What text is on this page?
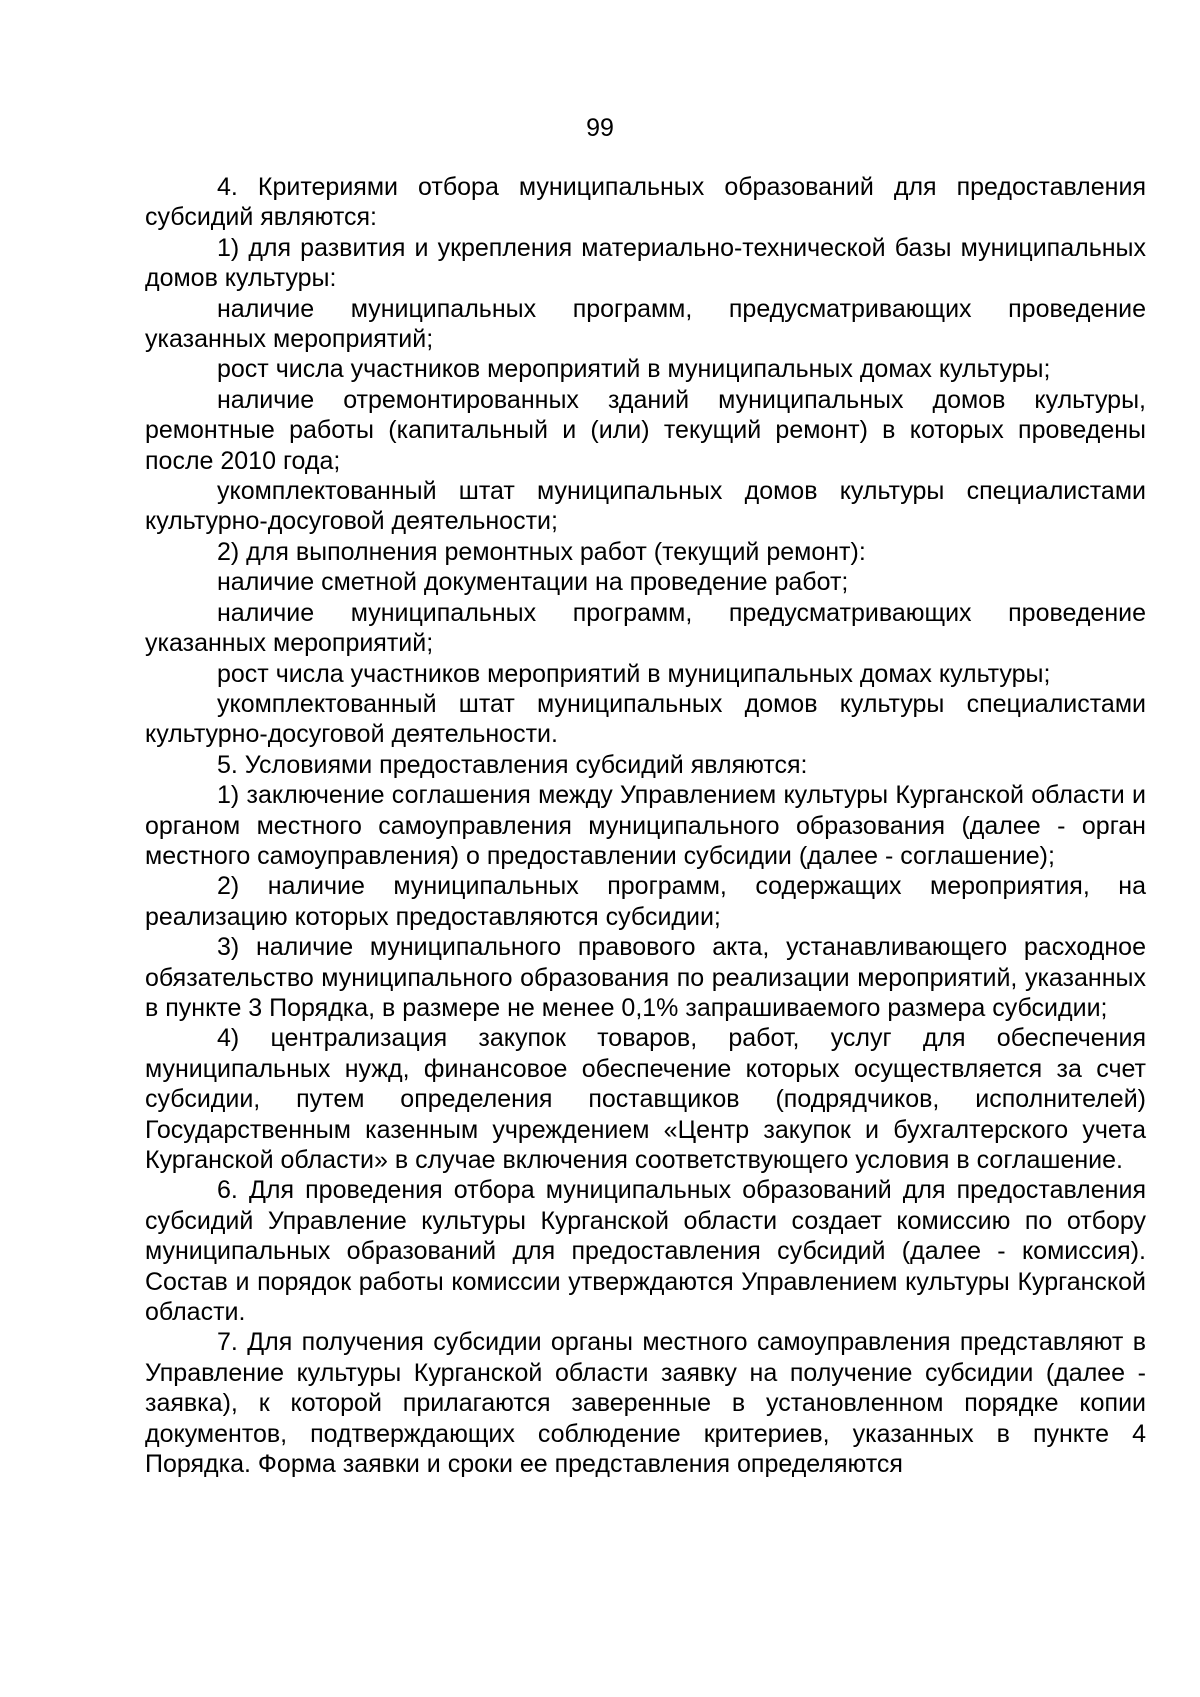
99

4. Критериями отбора муниципальных образований для предоставления субсидий являются:

1) для развития и укрепления материально-технической базы муниципальных домов культуры:

наличие муниципальных программ, предусматривающих проведение указанных мероприятий;

рост числа участников мероприятий в муниципальных домах культуры;

наличие отремонтированных зданий муниципальных домов культуры, ремонтные работы (капитальный и (или) текущий ремонт) в которых проведены после 2010 года;

укомплектованный штат муниципальных домов культуры специалистами культурно-досуговой деятельности;

2) для выполнения ремонтных работ (текущий ремонт):

наличие сметной документации на проведение работ;

наличие муниципальных программ, предусматривающих проведение указанных мероприятий;

рост числа участников мероприятий в муниципальных домах культуры;

укомплектованный штат муниципальных домов культуры специалистами культурно-досуговой деятельности.

5. Условиями предоставления субсидий являются:

1) заключение соглашения между Управлением культуры Курганской области и органом местного самоуправления муниципального образования (далее - орган местного самоуправления) о предоставлении субсидии (далее - соглашение);

2) наличие муниципальных программ, содержащих мероприятия, на реализацию которых предоставляются субсидии;

3) наличие муниципального правового акта, устанавливающего расходное обязательство муниципального образования по реализации мероприятий, указанных в пункте 3 Порядка, в размере не менее 0,1% запрашиваемого размера субсидии;

4) централизация закупок товаров, работ, услуг для обеспечения муниципальных нужд, финансовое обеспечение которых осуществляется за счет субсидии, путем определения поставщиков (подрядчиков, исполнителей) Государственным казенным учреждением «Центр закупок и бухгалтерского учета Курганской области» в случае включения соответствующего условия в соглашение.

6. Для проведения отбора муниципальных образований для предоставления субсидий Управление культуры Курганской области создает комиссию по отбору муниципальных образований для предоставления субсидий (далее - комиссия). Состав и порядок работы комиссии утверждаются Управлением культуры Курганской области.

7. Для получения субсидии органы местного самоуправления представляют в Управление культуры Курганской области заявку на получение субсидии (далее - заявка), к которой прилагаются заверенные в установленном порядке копии документов, подтверждающих соблюдение критериев, указанных в пункте 4 Порядка. Форма заявки и сроки ее представления определяются
